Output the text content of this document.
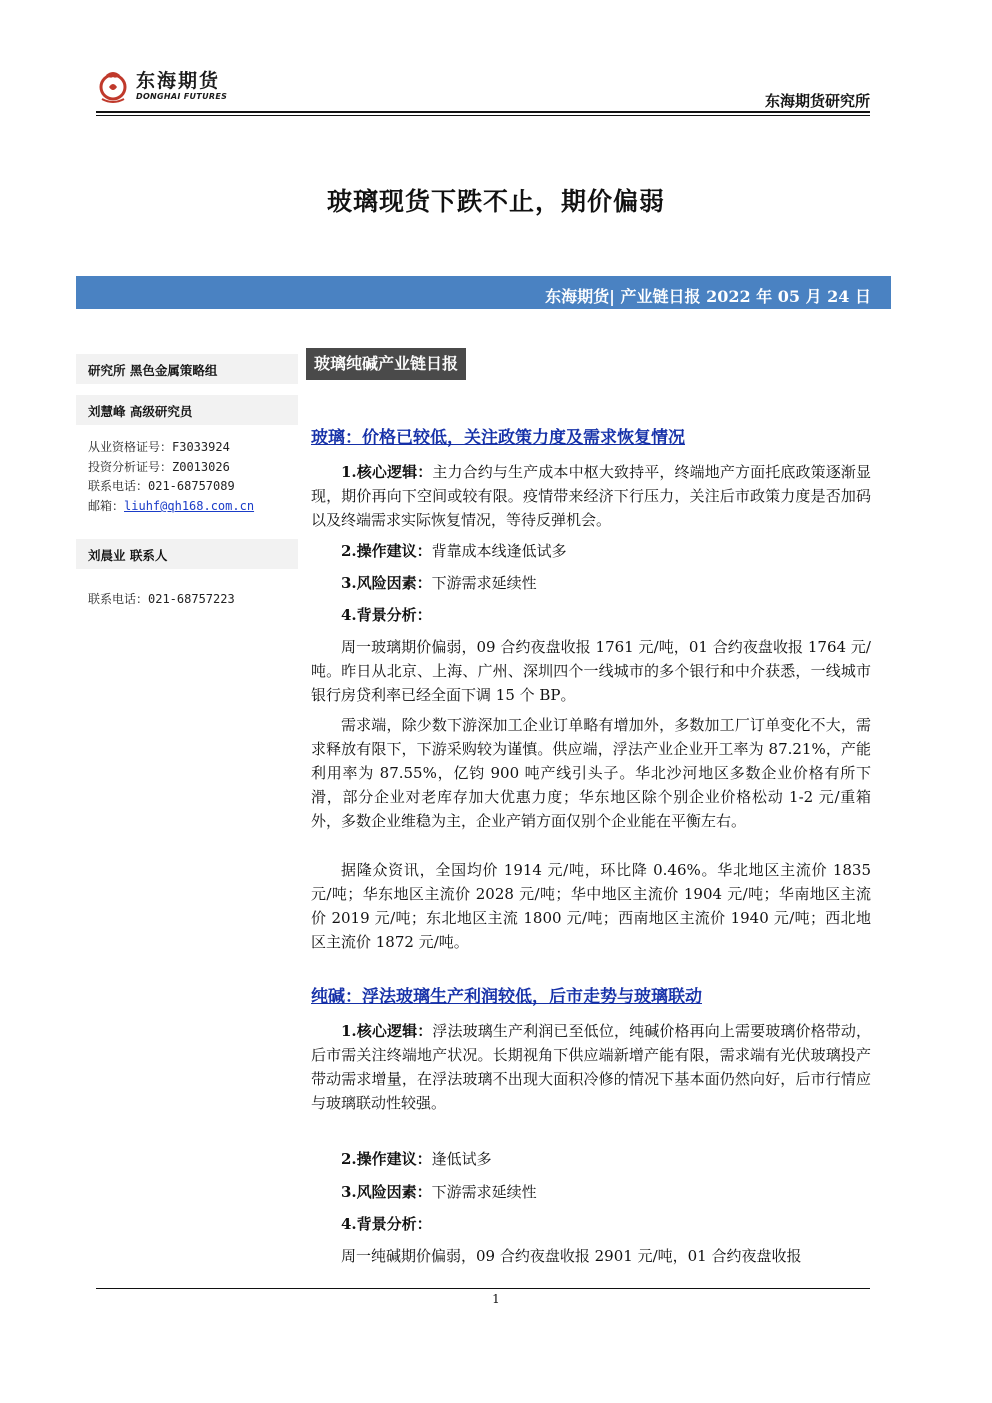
东海期货
DONGHAI FUTURES	东海期货研究所
玻璃现货下跌不止，期价偏弱
东海期货| 产业链日报 2022 年 05 月 24 日
研究所 黑色金属策略组
刘慧峰 高级研究员
从业资格证号：F3033924
投资分析证号：Z0013026
联系电话：021-68757089
邮箱：liuhf@qh168.com.cn
刘晨业 联系人
联系电话：021-68757223
玻璃纯碱产业链日报
玻璃：价格已较低，关注政策力度及需求恢复情况

1.核心逻辑：主力合约与生产成本中枢大致持平，终端地产方面托底政策逐渐显现，期价再向下空间或较有限。疫情带来经济下行压力，关注后市政策力度是否加码以及终端需求实际恢复情况，等待反弹机会。

2.操作建议：背靠成本线逢低试多
3.风险因素：下游需求延续性
4.背景分析：

周一玻璃期价偏弱，09 合约夜盘收报 1761 元/吨，01 合约夜盘收报 1764 元/吨。昨日从北京、上海、广州、深圳四个一线城市的多个银行和中介获悉，一线城市银行房贷利率已经全面下调 15 个 BP。

需求端，除少数下游深加工企业订单略有增加外，多数加工厂订单变化不大，需求释放有限下，下游采购较为谨慎。供应端，浮法产业企业开工率为 87.21%，产能利用率为 87.55%，亿钧 900 吨产线引头子。华北沙河地区多数企业价格有所下滑，部分企业对老库存加大优惠力度；华东地区除个别企业价格松动 1-2 元/重箱外，多数企业维稳为主，企业产销方面仅别个企业能在平衡左右。

据隆众资讯，全国均价 1914 元/吨，环比降 0.46%。华北地区主流价 1835 元/吨；华东地区主流价 2028 元/吨；华中地区主流价 1904 元/吨；华南地区主流价 2019 元/吨；东北地区主流 1800 元/吨；西南地区主流价 1940 元/吨；西北地区主流价 1872 元/吨。

纯碱：浮法玻璃生产利润较低，后市走势与玻璃联动

1.核心逻辑：浮法玻璃生产利润已至低位，纯碱价格再向上需要玻璃价格带动，后市需关注终端地产状况。长期视角下供应端新增产能有限，需求端有光伏玻璃投产带动需求增量，在浮法玻璃不出现大面积冷修的情况下基本面仍然向好，后市行情应与玻璃联动性较强。

2.操作建议：逢低试多
3.风险因素：下游需求延续性
4.背景分析：

周一纯碱期价偏弱，09 合约夜盘收报 2901 元/吨，01 合约夜盘收报

1
